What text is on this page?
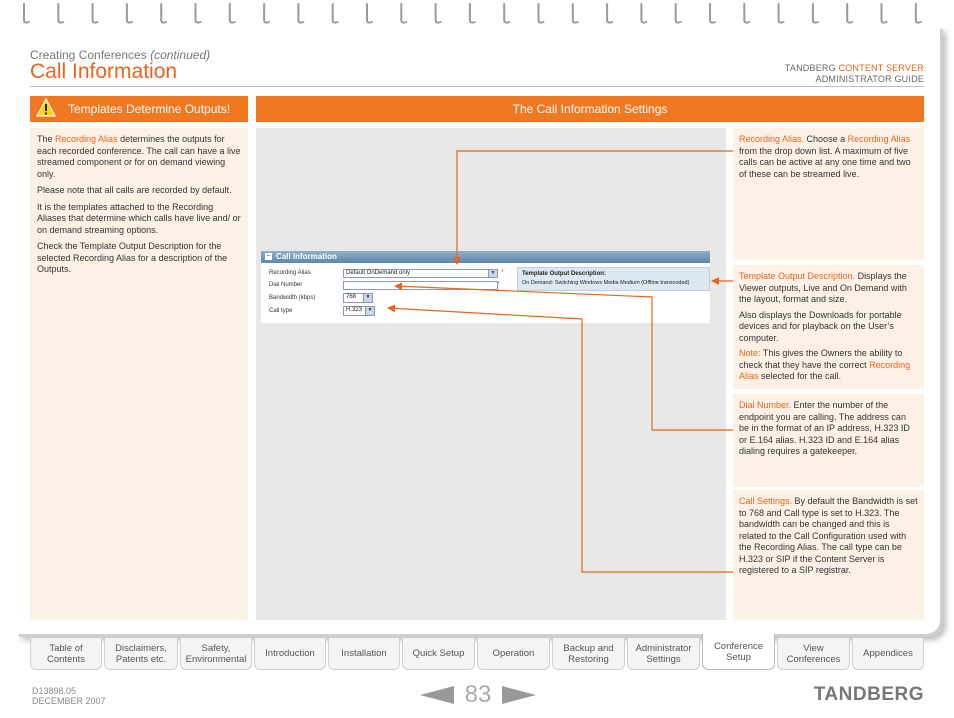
Creating Conferences (continued)
Call Information	TANDBERG CONTENT SERVER
ADMINISTRATOR GUIDE
Templates Determine Outputs!	The Call Information Settings

The Recording Alias determines the outputs for each recorded conference. The call can have a live streamed component or for on demand viewing only.

Please note that all calls are recorded by default.

It is the templates attached to the Recording Aliases that determine which calls have live and/ or on demand streaming options.

Check the Template Output Description for the selected Recording Alias for a description of the Outputs.

− Call Information
Recording Alias	Default OnDemand only	▼ *
Dial Number	*
Bandwidth (kbps)	768	▼
Call type	H.323	▼
Template Output Description:
On Demand: Switching Windows Media Medium (Offline transcoded)

Recording Alias. Choose a Recording Alias from the drop down list. A maximum of five calls can be active at any one time and two of these can be streamed live.

Template Output Description. Displays the Viewer outputs, Live and On Demand with the layout, format and size.

Also displays the Downloads for portable devices and for playback on the User’s computer.

Note: This gives the Owners the ability to check that they have the correct Recording Alias selected for the call.

Dial Number. Enter the number of the endpoint you are calling. The address can be in the format of an IP address, H.323 ID or E.164 alias. H.323 ID and E.164 alias dialing requires a gatekeeper.

Call Settings. By default the Bandwidth is set to 768 and Call type is set to H.323. The bandwidth can be changed and this is related to the Call Configuration used with the Recording Alias. The call type can be H.323 or SIP if the Content Server is registered to a SIP registrar.

Table of
Contents
Disclaimers,
Patents etc.
Safety,
Environmental Introduction	Installation	Quick Setup	Operation	Backup and
Restoring
Administrator
Settings
Conference
Setup
View
Conferences Appendices
D13898.05
DECEMBER 2007	83	TANDBERG
